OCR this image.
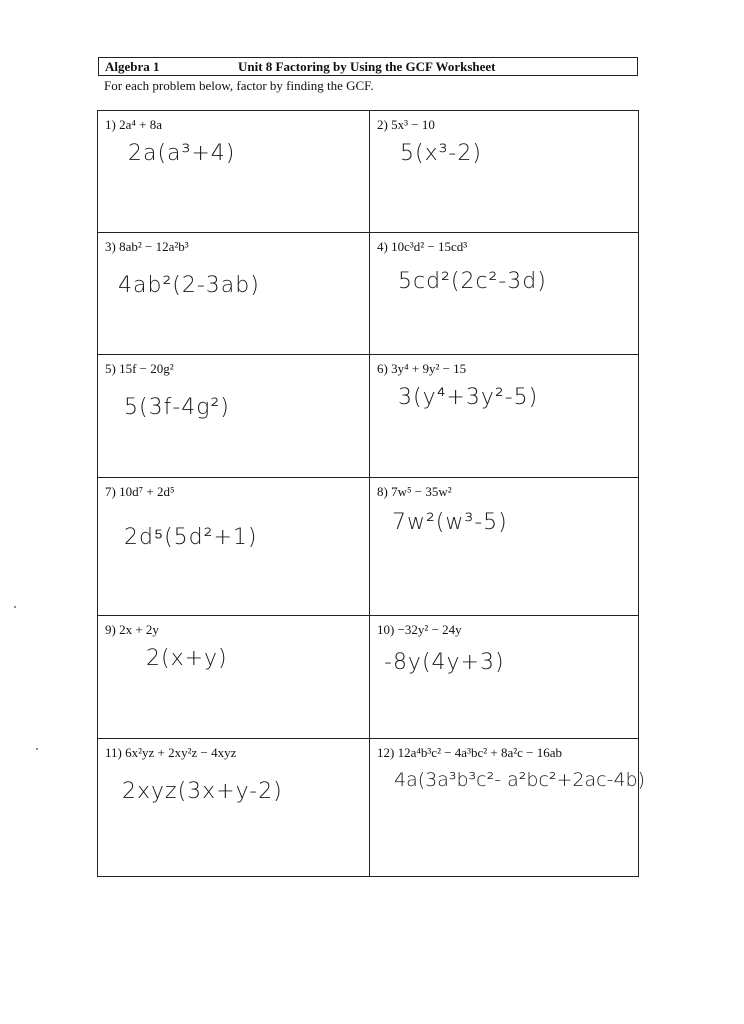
Algebra 1	Unit 8 Factoring by Using the GCF Worksheet
For each problem below, factor by finding the GCF.
1) 2a⁴ + 8a
2a(a³+4)
2) 5x³ − 10
5(x³-2)
3) 8ab² − 12a²b³
4ab²(2-3ab)
4) 10c³d² − 15cd³
5cd²(2c²-3d)
5) 15f − 20g²
5(3f-4g²)
6) 3y⁴ + 9y² − 15
3(y⁴+3y²-5)
7) 10d⁷ + 2d⁵
2d⁵(5d²+1)
8) 7w⁵ − 35w²
7w²(w³-5)
9) 2x + 2y
2(x+y)
10) −32y² − 24y
-8y(4y+3)
11) 6x²yz + 2xy²z − 4xyz
2xyz(3x+y-2)
12) 12a⁴b³c² − 4a³bc² + 8a²c − 16ab
4a(3a³b³c²- a²bc²+2ac-4b)
